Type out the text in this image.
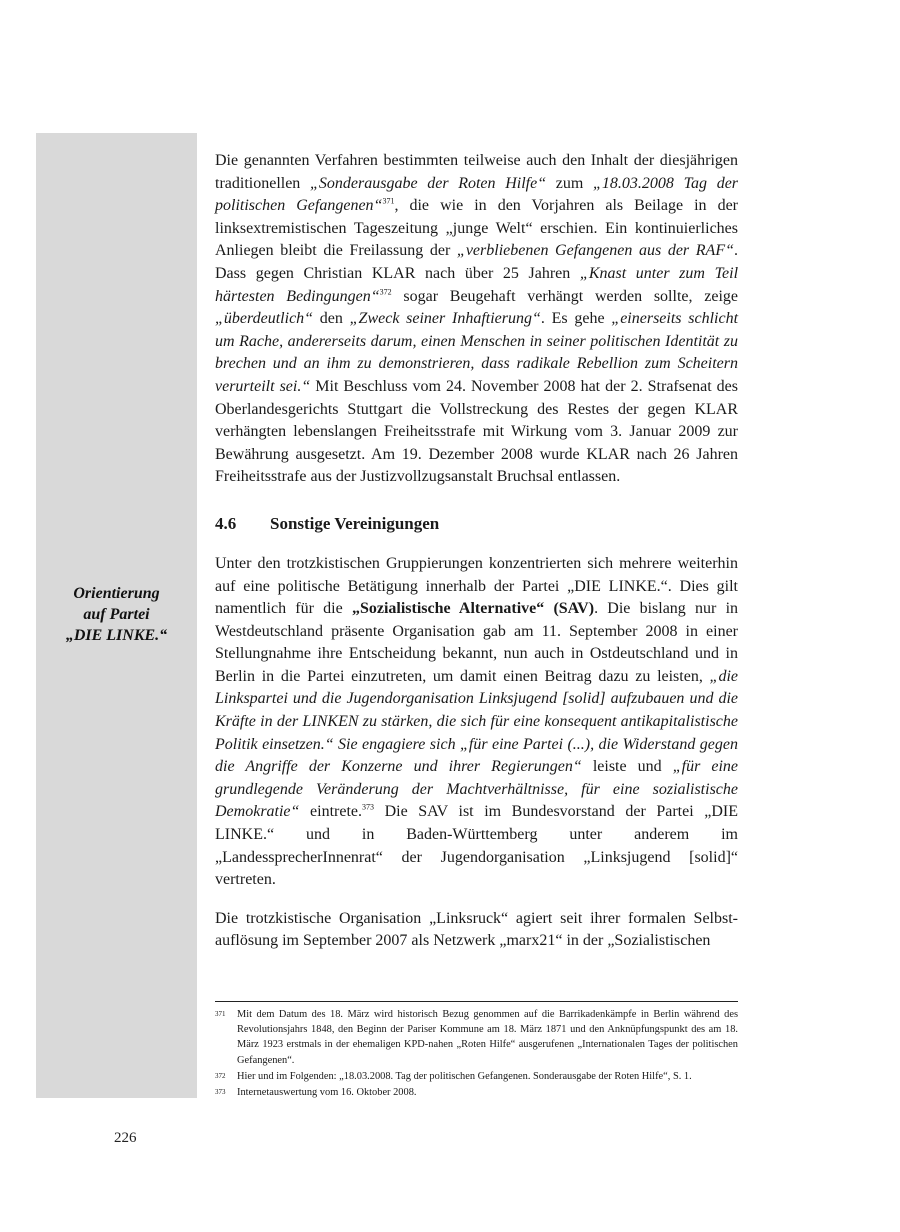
Orientierung
auf Partei
„DIE LINKE.“

Die genannten Verfahren bestimmten teilweise auch den Inhalt der diesjährigen traditionellen „Sonderausgabe der Roten Hilfe“ zum „18.03.2008 Tag der politischen Gefangenen“$^{371}$, die wie in den Vorjahren als Beilage in der linksextremistischen Tageszeitung „junge Welt“ erschien. Ein kontinuierliches Anliegen bleibt die Freilassung der „verbliebenen Gefangenen aus der RAF“. Dass gegen Christian KLAR nach über 25 Jahren „Knast unter zum Teil härtesten Bedingungen“$^{372}$ sogar Beugehaft verhängt werden sollte, zeige „überdeutlich“ den „Zweck seiner Inhaftierung“. Es gehe „einerseits schlicht um Rache, andererseits darum, einen Menschen in seiner politischen Identität zu brechen und an ihm zu demonstrieren, dass radikale Rebellion zum Scheitern verurteilt sei.“ Mit Beschluss vom 24. November 2008 hat der 2. Strafsenat des Oberlandesgerichts Stuttgart die Vollstreckung des Restes der gegen KLAR verhängten lebenslangen Freiheitsstrafe mit Wirkung vom 3. Januar 2009 zur Bewährung ausgesetzt. Am 19. Dezember 2008 wurde KLAR nach 26 Jahren Freiheitsstrafe aus der Justizvollzugsanstalt Bruchsal entlassen.

4.6 Sonstige Vereinigungen

Unter den trotzkistischen Gruppierungen konzentrierten sich mehrere weiterhin auf eine politische Betätigung innerhalb der Partei „DIE LINKE.“. Dies gilt namentlich für die „Sozialistische Alternative“ (SAV). Die bislang nur in Westdeutschland präsente Organisation gab am 11. September 2008 in einer Stellungnahme ihre Entscheidung bekannt, nun auch in Ostdeutschland und in Berlin in die Partei einzutreten, um damit einen Beitrag dazu zu leisten, „die Linkspartei und die Jugendorganisation Linksjugend [solid] aufzubauen und die Kräfte in der LINKEN zu stärken, die sich für eine konsequent antikapitalistische Politik einsetzen.“ Sie engagiere sich „für eine Partei (...), die Widerstand gegen die Angriffe der Konzerne und ihrer Regierungen“ leiste und „für eine grundlegende Veränderung der Machtverhältnisse, für eine sozialistische Demokratie“ eintrete.$^{373}$ Die SAV ist im Bundesvorstand der Partei „DIE LINKE.“ und in Baden-Württemberg unter anderem im „LandessprecherInnenrat“ der Jugendorganisation „Linksjugend [solid]“ vertreten.

Die trotzkistische Organisation „Linksruck“ agiert seit ihrer formalen Selbstauflösung im September 2007 als Netzwerk „marx21“ in der „Sozialistischen

371	Mit dem Datum des 18. März wird historisch Bezug genommen auf die Barrikadenkämpfe in Berlin während des Revolutionsjahrs 1848, den Beginn der Pariser Kommune am 18. März 1871 und den Anknüpfungspunkt des am 18. März 1923 erstmals in der ehemaligen KPD-nahen „Roten Hilfe“ ausgerufenen „Internationalen Tages der politischen Gefangenen“.
372	Hier und im Folgenden: „18.03.2008. Tag der politischen Gefangenen. Sonderausgabe der Roten Hilfe“, S. 1.
373	Internetauswertung vom 16. Oktober 2008.
226
